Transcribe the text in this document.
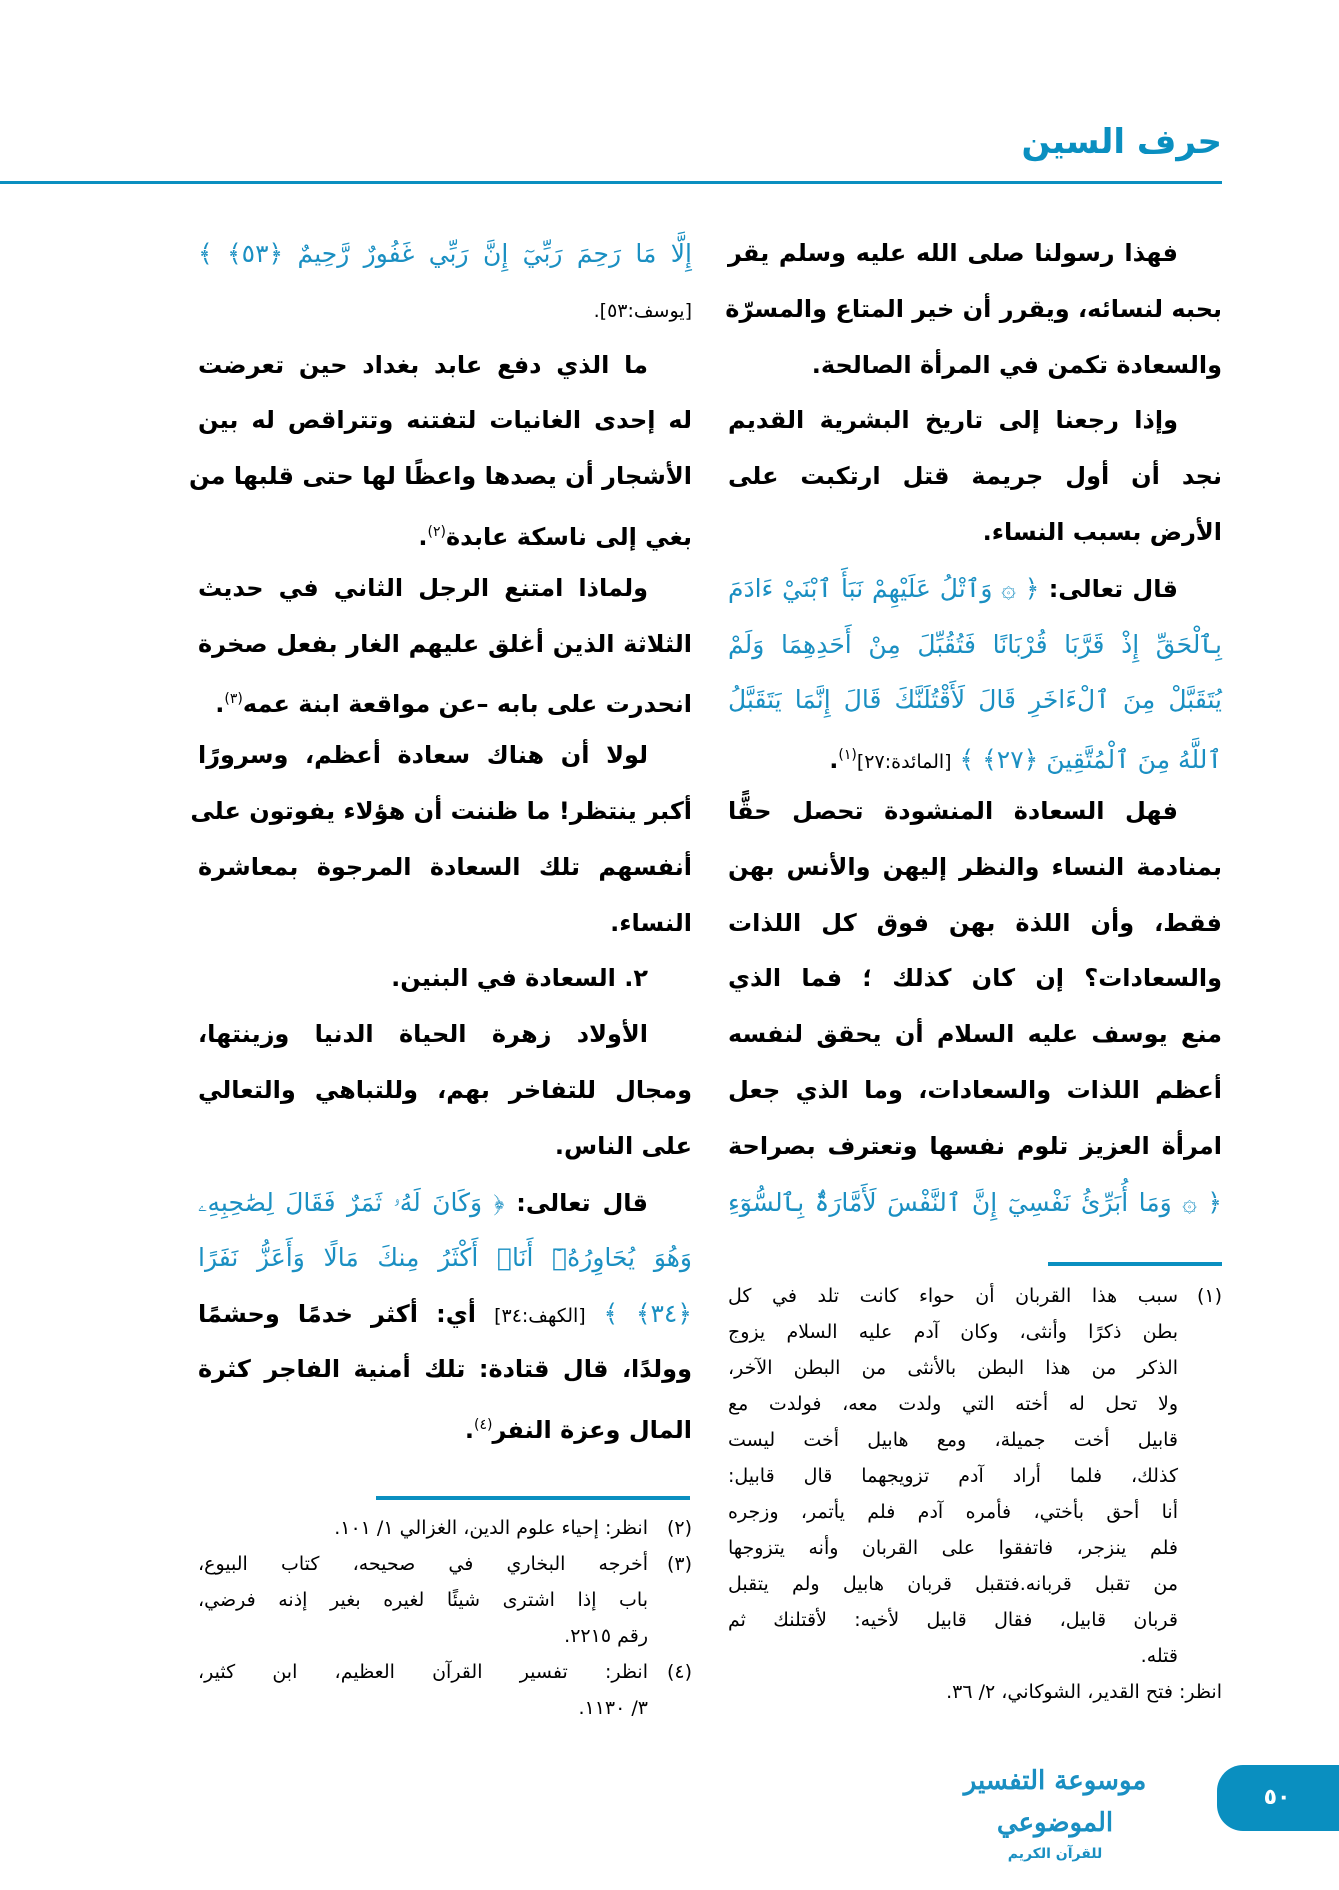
حرف السين
فهذا رسولنا صلى الله عليه وسلم يقر
بحبه لنسائه، ويقرر أن خير المتاع والمسرّة
والسعادة تكمن في المرأة الصالحة.
وإذا رجعنا إلى تاريخ البشرية القديم
نجد أن أول جريمة قتل ارتكبت على
الأرض بسبب النساء.
قال تعالى: ﴿ ۞ وَٱتْلُ عَلَيْهِمْ نَبَأَ ٱبْنَيْ ءَادَمَ
بِٱلْحَقِّ إِذْ قَرَّبَا قُرْبَانًا فَتُقُبِّلَ مِنْ أَحَدِهِمَا وَلَمْ
يُتَقَبَّلْ مِنَ ٱلْءَاخَرِ قَالَ لَأَقْتُلَنَّكَ قَالَ إِنَّمَا يَتَقَبَّلُ
ٱللَّهُ مِنَ ٱلْمُتَّقِينَ ﴿٢٧﴾ ﴾ [المائدة:٢٧]$^{(١)}$.
فهل السعادة المنشودة تحصل حقًّا
بمنادمة النساء والنظر إليهن والأنس بهن
فقط، وأن اللذة بهن فوق كل اللذات
والسعادات؟ إن كان كذلك ؛ فما الذي
منع يوسف عليه السلام أن يحقق لنفسه
أعظم اللذات والسعادات، وما الذي جعل
امرأة العزيز تلوم نفسها وتعترف بصراحة
﴿ ۞ وَمَا أُبَرِّئُ نَفْسِيٓ إِنَّ ٱلنَّفْسَ لَأَمَّارَةٌۢ بِٱلسُّوٓءِ
إِلَّا مَا رَحِمَ رَبِّيٓ إِنَّ رَبِّي غَفُورٌ رَّحِيمٌ ﴿٥٣﴾ ﴾
[يوسف:٥٣].
ما الذي دفع عابد بغداد حين تعرضت
له إحدى الغانيات لتفتنه وتتراقص له بين
الأشجار أن يصدها واعظًا لها حتى قلبها من
بغي إلى ناسكة عابدة$^{(٢)}$.
ولماذا امتنع الرجل الثاني في حديث
الثلاثة الذين أغلق عليهم الغار بفعل صخرة
انحدرت على بابه –عن مواقعة ابنة عمه$^{(٣)}$.
لولا أن هناك سعادة أعظم، وسرورًا
أكبر ينتظر! ما ظننت أن هؤلاء يفوتون على
أنفسهم تلك السعادة المرجوة بمعاشرة
النساء.
٢. السعادة في البنين.
الأولاد زهرة الحياة الدنيا وزينتها،
ومجال للتفاخر بهم، وللتباهي والتعالي
على الناس.
قال تعالى: ﴿ وَكَانَ لَهُۥ ثَمَرٌ فَقَالَ لِصَٰحِبِهِۦ
وَهُوَ يُحَاوِرُهُۥٓ أَنَا۠ أَكْثَرُ مِنكَ مَالًا وَأَعَزُّ نَفَرًا
﴿٣٤﴾ ﴾ [الكهف:٣٤] أي: أكثر خدمًا وحشمًا
وولدًا، قال قتادة: تلك أمنية الفاجر كثرة
المال وعزة النفر$^{(٤)}$.
(١)
سبب هذا القربان أن حواء كانت تلد في كل
بطن ذكرًا وأنثى، وكان آدم عليه السلام يزوج
الذكر من هذا البطن بالأنثى من البطن الآخر،
ولا تحل له أخته التي ولدت معه، فولدت مع
قابيل أخت جميلة، ومع هابيل أخت ليست
كذلك، فلما أراد آدم تزويجهما قال قابيل:
أنا أحق بأختي، فأمره آدم فلم يأتمر، وزجره
فلم ينزجر، فاتفقوا على القربان وأنه يتزوجها
من تقبل قربانه.فتقبل قربان هابيل ولم يتقبل
قربان قابيل، فقال قابيل لأخيه: لأقتلنك ثم
قتله.
انظر: فتح القدير، الشوكاني، ٢/ ٣٦.
(٢)
انظر: إحياء علوم الدين، الغزالي ١/ ١٠١.
(٣)
أخرجه البخاري في صحيحه، كتاب البيوع،
باب إذا اشترى شيئًا لغيره بغير إذنه فرضي،
رقم ٢٢١٥.
(٤)
انظر: تفسير القرآن العظيم، ابن كثير،
٣/ ١١٣٠.
موسوعة التفسير الموضوعي
للقرآن الكريم
٥٠
